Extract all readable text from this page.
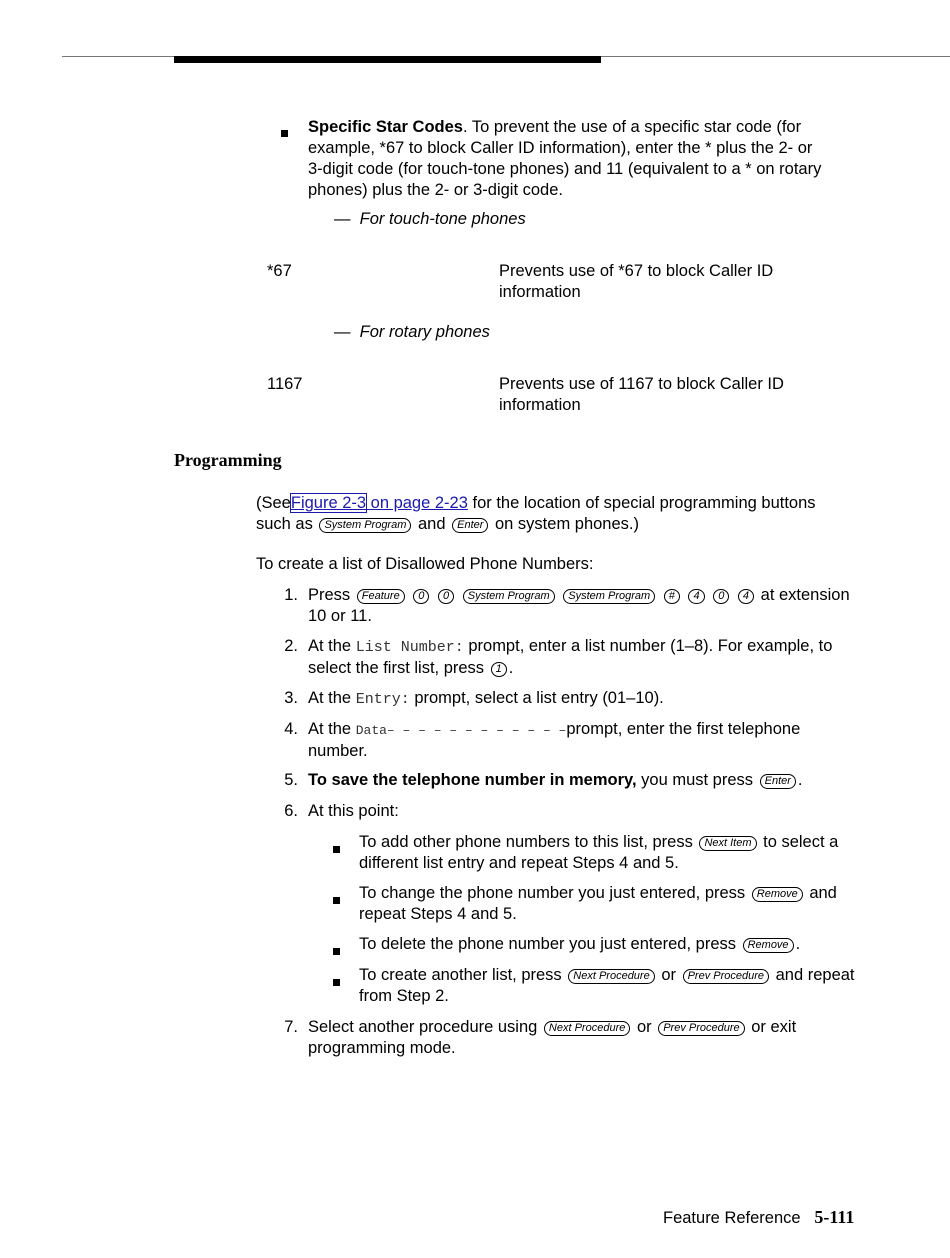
Specific Star Codes. To prevent the use of a specific star code (for
example, *67 to block Caller ID information), enter the * plus the 2- or
3-digit code (for touch-tone phones) and 11 (equivalent to a * on rotary
phones) plus the 2- or 3-digit code.
— For touch-tone phones
*67	Prevents use of *67 to block Caller ID
information
— For rotary phones
1167	Prevents use of 1167 to block Caller ID
information
Programming
(SeeFigure 2-3 on page 2-23 for the location of special programming buttons
such as System Program and Enter on system phones.)
To create a list of Disallowed Phone Numbers:
1. Press Feature 0 0 System Program System Program # 4 0 4 at extension
10 or 11.
2. At the List Number: prompt, enter a list number (1–8). For example, to
select the first list, press 1 .
3. At the Entry: prompt, select a list entry (01–10).
4. At the Data– – – – – – – – – – – –prompt, enter the first telephone
number.
5. To save the telephone number in memory, you must press Enter .
6. At this point:
To add other phone numbers to this list, press Next Item to select a
different list entry and repeat Steps 4 and 5.
To change the phone number you just entered, press Remove and
repeat Steps 4 and 5.
To delete the phone number you just entered, press Remove .
To create another list, press Next Procedure or Prev Procedure and repeat
from Step 2.
7. Select another procedure using Next Procedure or Prev Procedure or exit
programming mode.
Feature Reference 5-111
